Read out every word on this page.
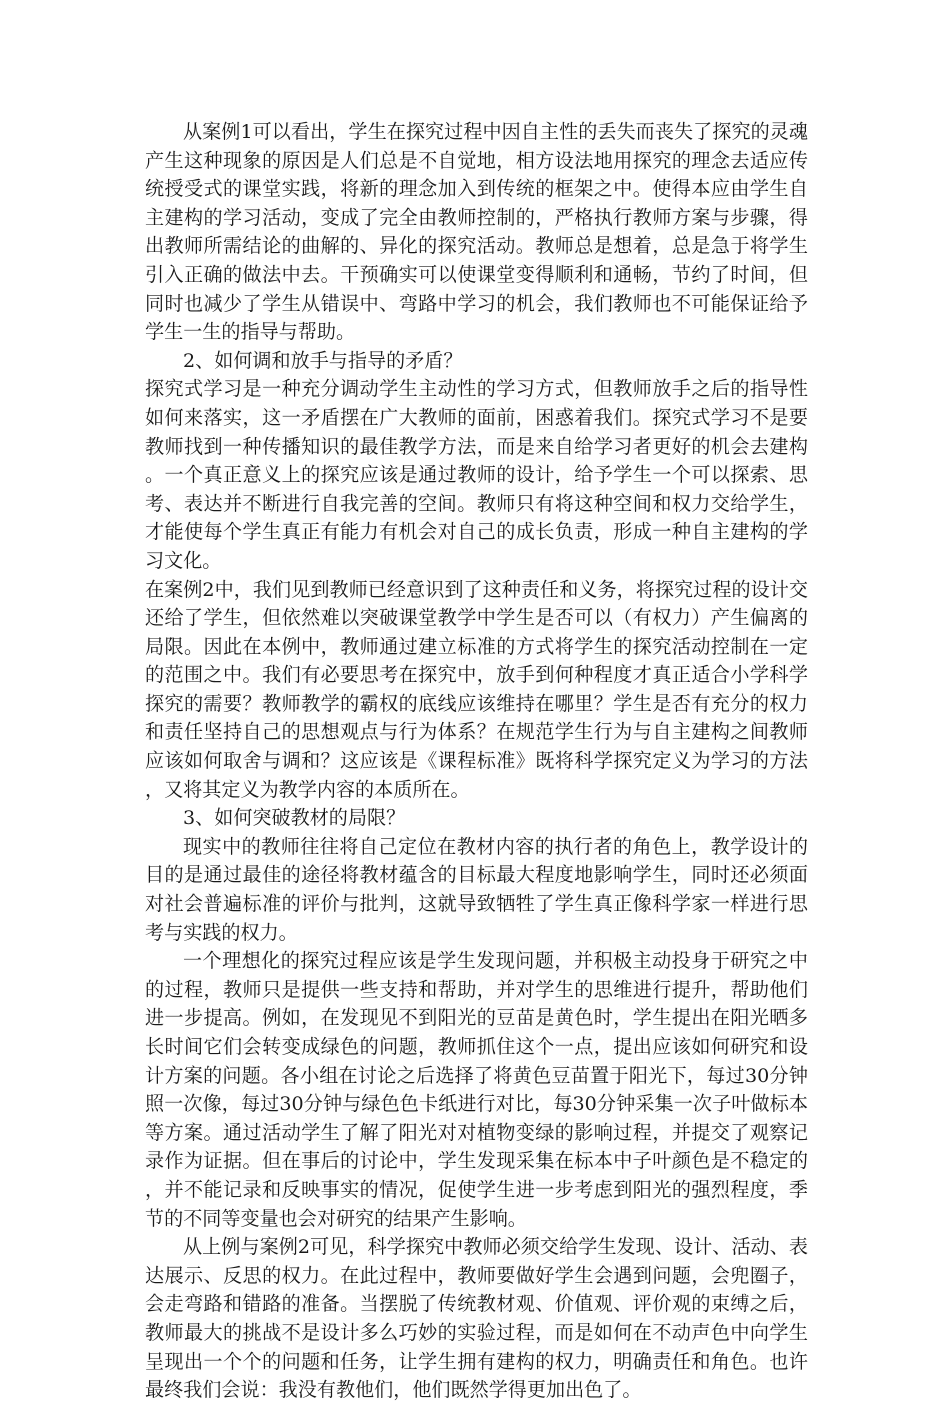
从案例1可以看出，学生在探究过程中因自主性的丢失而丧失了探究的灵魂产生这种现象的原因是人们总是不自觉地，相方设法地用探究的理念去适应传统授受式的课堂实践，将新的理念加入到传统的框架之中。使得本应由学生自主建构的学习活动，变成了完全由教师控制的，严格执行教师方案与步骤，得出教师所需结论的曲解的、异化的探究活动。教师总是想着，总是急于将学生引入正确的做法中去。干预确实可以使课堂变得顺利和通畅，节约了时间，但同时也减少了学生从错误中、弯路中学习的机会，我们教师也不可能保证给予学生一生的指导与帮助。

2、如何调和放手与指导的矛盾？

探究式学习是一种充分调动学生主动性的学习方式，但教师放手之后的指导性如何来落实，这一矛盾摆在广大教师的面前，困惑着我们。探究式学习不是要教师找到一种传播知识的最佳教学方法，而是来自给学习者更好的机会去建构。一个真正意义上的探究应该是通过教师的设计，给予学生一个可以探索、思考、表达并不断进行自我完善的空间。教师只有将这种空间和权力交给学生，才能使每个学生真正有能力有机会对自己的成长负责，形成一种自主建构的学习文化。

在案例2中，我们见到教师已经意识到了这种责任和义务，将探究过程的设计交还给了学生，但依然难以突破课堂教学中学生是否可以（有权力）产生偏离的局限。因此在本例中，教师通过建立标准的方式将学生的探究活动控制在一定的范围之中。我们有必要思考在探究中，放手到何种程度才真正适合小学科学探究的需要？教师教学的霸权的底线应该维持在哪里？学生是否有充分的权力和责任坚持自己的思想观点与行为体系？在规范学生行为与自主建构之间教师应该如何取舍与调和？这应该是《课程标准》既将科学探究定义为学习的方法，又将其定义为教学内容的本质所在。

3、如何突破教材的局限？

现实中的教师往往将自己定位在教材内容的执行者的角色上，教学设计的目的是通过最佳的途径将教材蕴含的目标最大程度地影响学生，同时还必须面对社会普遍标准的评价与批判，这就导致牺牲了学生真正像科学家一样进行思考与实践的权力。

一个理想化的探究过程应该是学生发现问题，并积极主动投身于研究之中的过程，教师只是提供一些支持和帮助，并对学生的思维进行提升，帮助他们进一步提高。例如，在发现见不到阳光的豆苗是黄色时，学生提出在阳光晒多长时间它们会转变成绿色的问题，教师抓住这个一点，提出应该如何研究和设计方案的问题。各小组在讨论之后选择了将黄色豆苗置于阳光下，每过30分钟照一次像，每过30分钟与绿色色卡纸进行对比，每30分钟采集一次子叶做标本等方案。通过活动学生了解了阳光对对植物变绿的影响过程，并提交了观察记录作为证据。但在事后的讨论中，学生发现采集在标本中子叶颜色是不稳定的，并不能记录和反映事实的情况，促使学生进一步考虑到阳光的强烈程度，季节的不同等变量也会对研究的结果产生影响。

从上例与案例2可见，科学探究中教师必须交给学生发现、设计、活动、表达展示、反思的权力。在此过程中，教师要做好学生会遇到问题，会兜圈子，会走弯路和错路的准备。当摆脱了传统教材观、价值观、评价观的束缚之后，教师最大的挑战不是设计多么巧妙的实验过程，而是如何在不动声色中向学生呈现出一个个的问题和任务，让学生拥有建构的权力，明确责任和角色。也许最终我们会说：我没有教他们，他们既然学得更加出色了。
